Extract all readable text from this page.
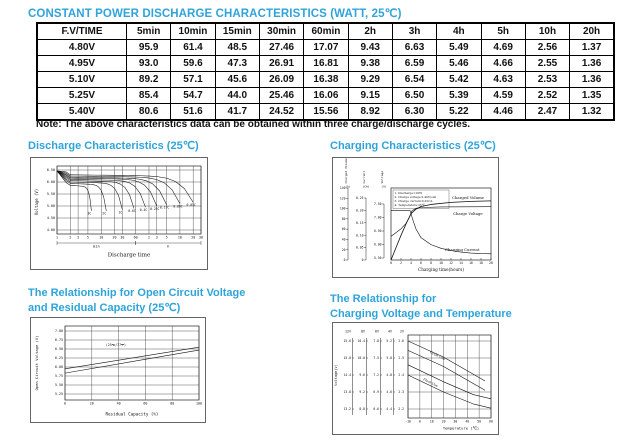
CONSTANT POWER DISCHARGE CHARACTERISTICS (WATT, 25℃)
F.V/TIME	5min	10min	15min	30min	60min	2h	3h	4h	5h	10h	20h
4.80V	95.9	61.4	48.5	27.46	17.07	9.43	6.63	5.49	4.69	2.56	1.37
4.95V	93.0	59.6	47.3	26.91	16.81	9.38	6.59	5.46	4.66	2.55	1.36
5.10V	89.2	57.1	45.6	26.09	16.38	9.29	6.54	5.42	4.63	2.53	1.36
5.25V	85.4	54.7	44.0	25.46	16.06	9.15	6.50	5.39	4.59	2.52	1.35
5.40V	80.6	51.6	41.7	24.52	15.56	8.92	6.30	5.22	4.46	2.47	1.32
Note: The above characteristics data can be obtained within three charge/discharge cycles.
Discharge Characteristics (25℃)
4.00
4.50
5.00
5.50
6.00
6.50
1	2 3 5	10	20 30	60	2 3 5	10	20 30
Voltage (V)
min	h
Discharge time
3C	2C	1C 0.6C 0.4C 0.25C 0.17C 0.09C 0.05C
Charging Characteristics (25℃)
0
20
40
60
80
100
120
140
Charged Volume
(%)
0
0.05
0.10
0.15
0.20
0.25
Current
(CA)
5.50
6.00
6.50
7.00
7.50
Voltage
(V)
0	2	4	6	8 10 12 14 16 18 20
Charging time(hours)
1. Discharge:100%
2. Charge voltage:2.40V/cell
3. Charge current:0.25CA
4. Temperature:25℃
Charged Volume
Charge Voltage
Charging Current
The Relationship for Open Circuit Voltage
and Residual Capacity (25℃)
5.25
5.50
5.75
6.00
6.25
6.50
6.75
7.00
0	20	40	60	80	100
Open Circuit Voltage (V)
Residual Capacity (%)
(25℃/77℉)
The Relationship for
Charging Voltage and Temperature
Voltage(V)
12V
15.6
15.0
14.4
13.8
13.2
8V
10.4
10.0
9.6
9.2
8.8
6V
7.8
7.5
7.2
6.9
6.6
4V
5.2
5.0
4.8
4.6
4.4
2V
2.6
2.5
2.4
2.3
2.2
-10	0	10	20	30	40	50	60
Temperature (℃)
Cycle Use
Float Use
